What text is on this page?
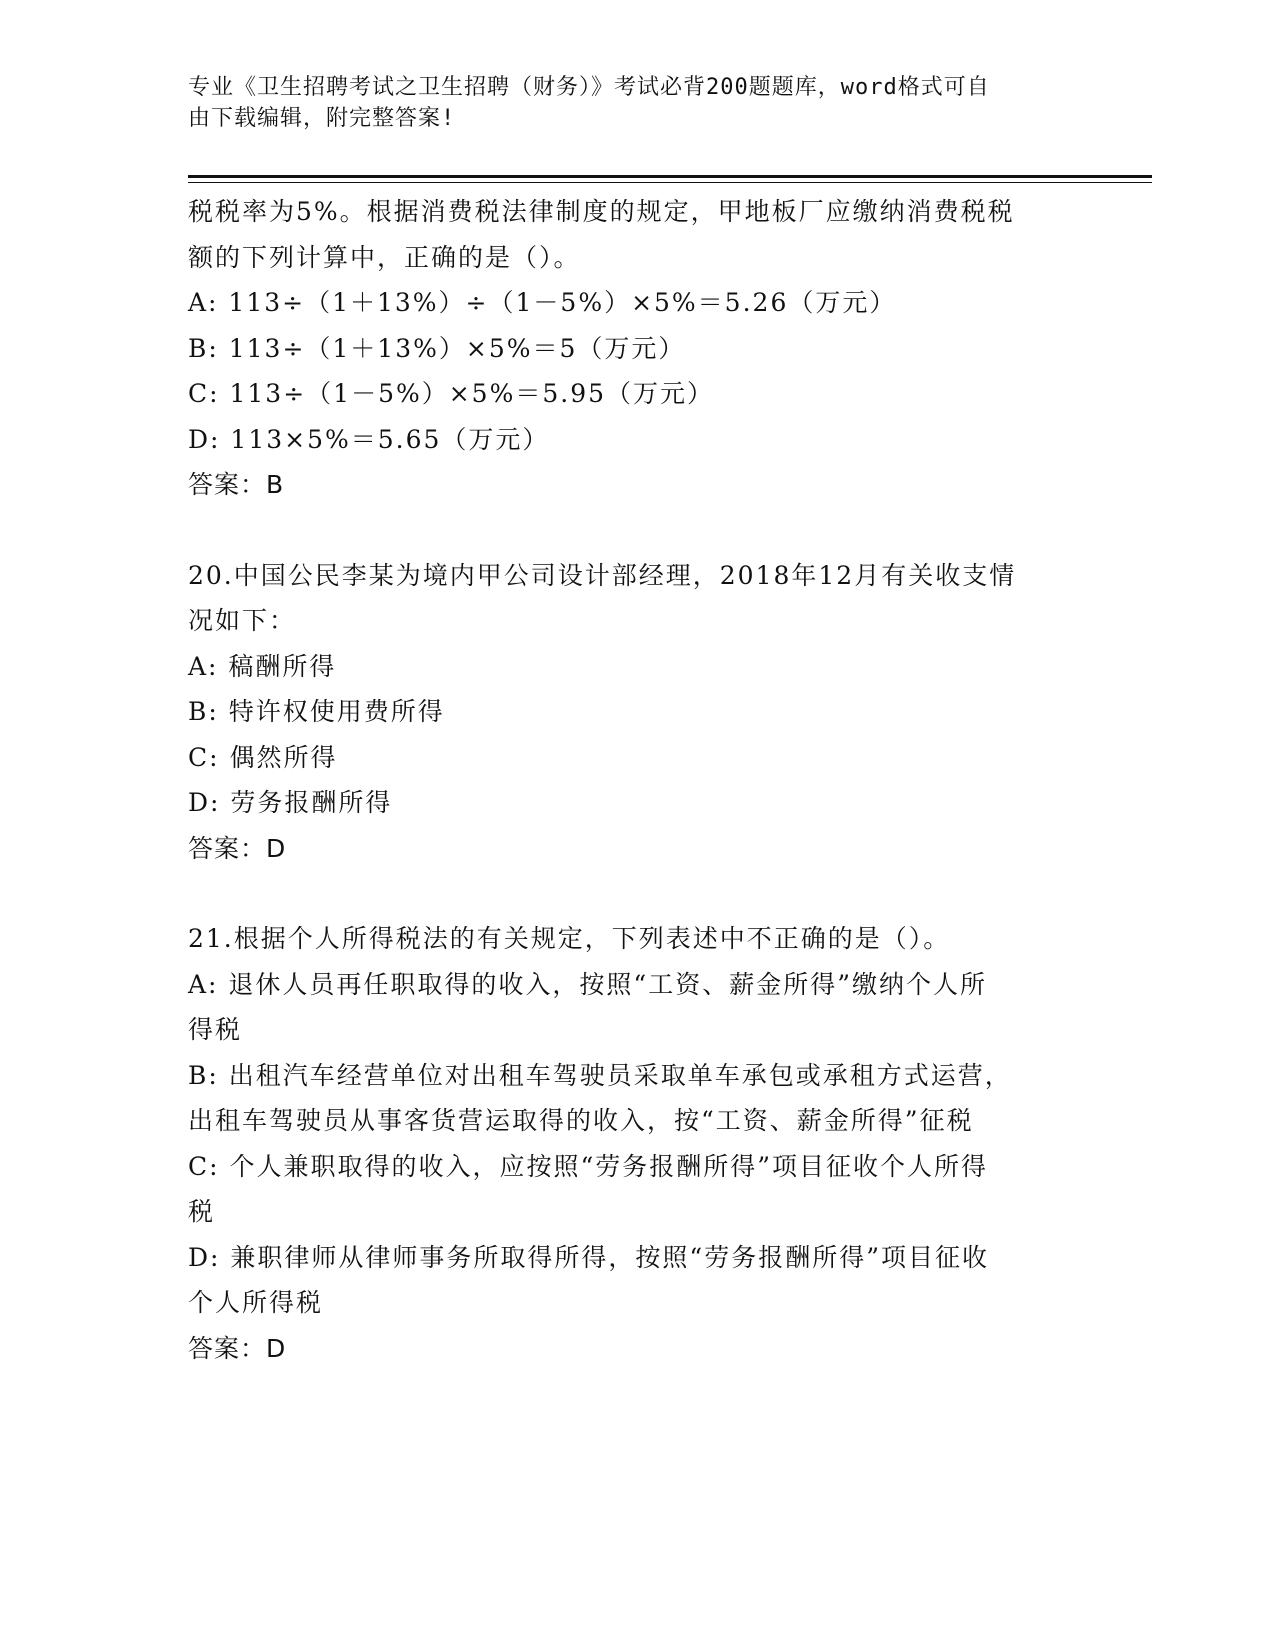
专业《卫生招聘考试之卫生招聘（财务）》考试必背200题题库，word格式可自
由下载编辑，附完整答案!
税税率为5%。根据消费税法律制度的规定，甲地板厂应缴纳消费税税
额的下列计算中，正确的是（）。
A: 113÷（1＋13%）÷（1－5%）×5%＝5.26（万元）
B: 113÷（1＋13%）×5%＝5（万元）
C: 113÷（1－5%）×5%＝5.95（万元）
D: 113×5%＝5.65（万元）
答案：B
20.中国公民李某为境内甲公司设计部经理，2018年12月有关收支情
况如下：
A: 稿酬所得
B: 特许权使用费所得
C: 偶然所得
D: 劳务报酬所得
答案：D
21.根据个人所得税法的有关规定，下列表述中不正确的是（）。
A: 退休人员再任职取得的收入，按照“工资、薪金所得”缴纳个人所
得税
B: 出租汽车经营单位对出租车驾驶员采取单车承包或承租方式运营，
出租车驾驶员从事客货营运取得的收入，按“工资、薪金所得”征税
C: 个人兼职取得的收入，应按照“劳务报酬所得”项目征收个人所得
税
D: 兼职律师从律师事务所取得所得，按照“劳务报酬所得”项目征收
个人所得税
答案：D
